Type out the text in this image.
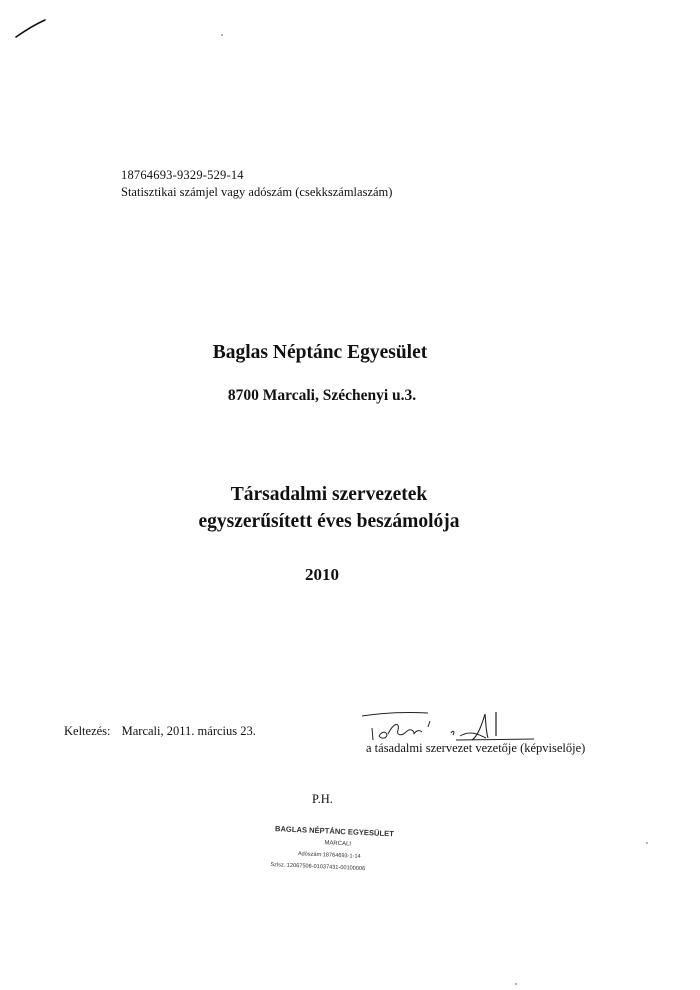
18764693-9329-529-14
Statisztikai számjel vagy adószám (csekkszámlaszám)
Baglas Néptánc Egyesület
8700 Marcali, Széchenyi u.3.
Társadalmi szervezetek
egyszerűsített éves beszámolója
2010
Keltezés: Marcali, 2011. március 23.
a tásadalmi szervezet vezetője (képviselője)
P.H.
BAGLAS NÉPTÁNC EGYESÜLET
MARCALI
Adószám:18764693-1-14
Szlsz.:12067506-01037431-00100006
